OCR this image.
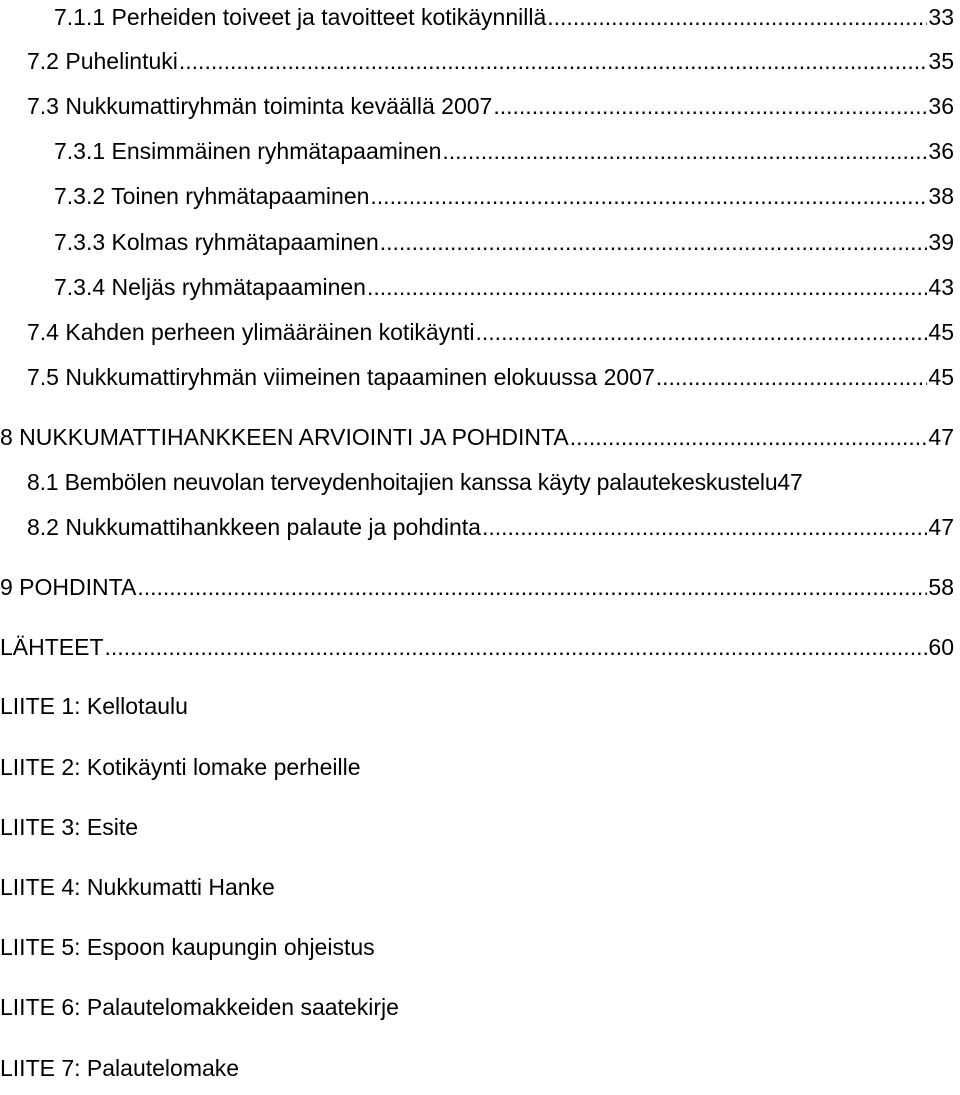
7.1.1 Perheiden toiveet ja tavoitteet kotikäynnillä .....	33
7.2 Puhelintuki .....	35
7.3 Nukkumattiryhmän toiminta keväällä 2007 .....	36
7.3.1 Ensimmäinen ryhmätapaaminen .....	36
7.3.2 Toinen ryhmätapaaminen .....	38
7.3.3 Kolmas ryhmätapaaminen .....	39
7.3.4 Neljäs ryhmätapaaminen .....	43
7.4 Kahden perheen ylimääräinen kotikäynti .....	45
7.5 Nukkumattiryhmän viimeinen tapaaminen elokuussa 2007 .....	45
8 NUKKUMATTIHANKKEEN ARVIOINTI JA POHDINTA .....	47
8.1 Bembölen neuvolan terveydenhoitajien kanssa käyty palautekeskustelu 47
8.2 Nukkumattihankkeen palaute ja pohdinta .....	47
9 POHDINTA .....	58
LÄHTEET .....	60
LIITE 1: Kellotaulu
LIITE 2: Kotikäynti lomake perheille
LIITE 3: Esite
LIITE 4: Nukkumatti Hanke
LIITE 5: Espoon kaupungin ohjeistus
LIITE 6: Palautelomakkeiden saatekirje
LIITE 7: Palautelomake
